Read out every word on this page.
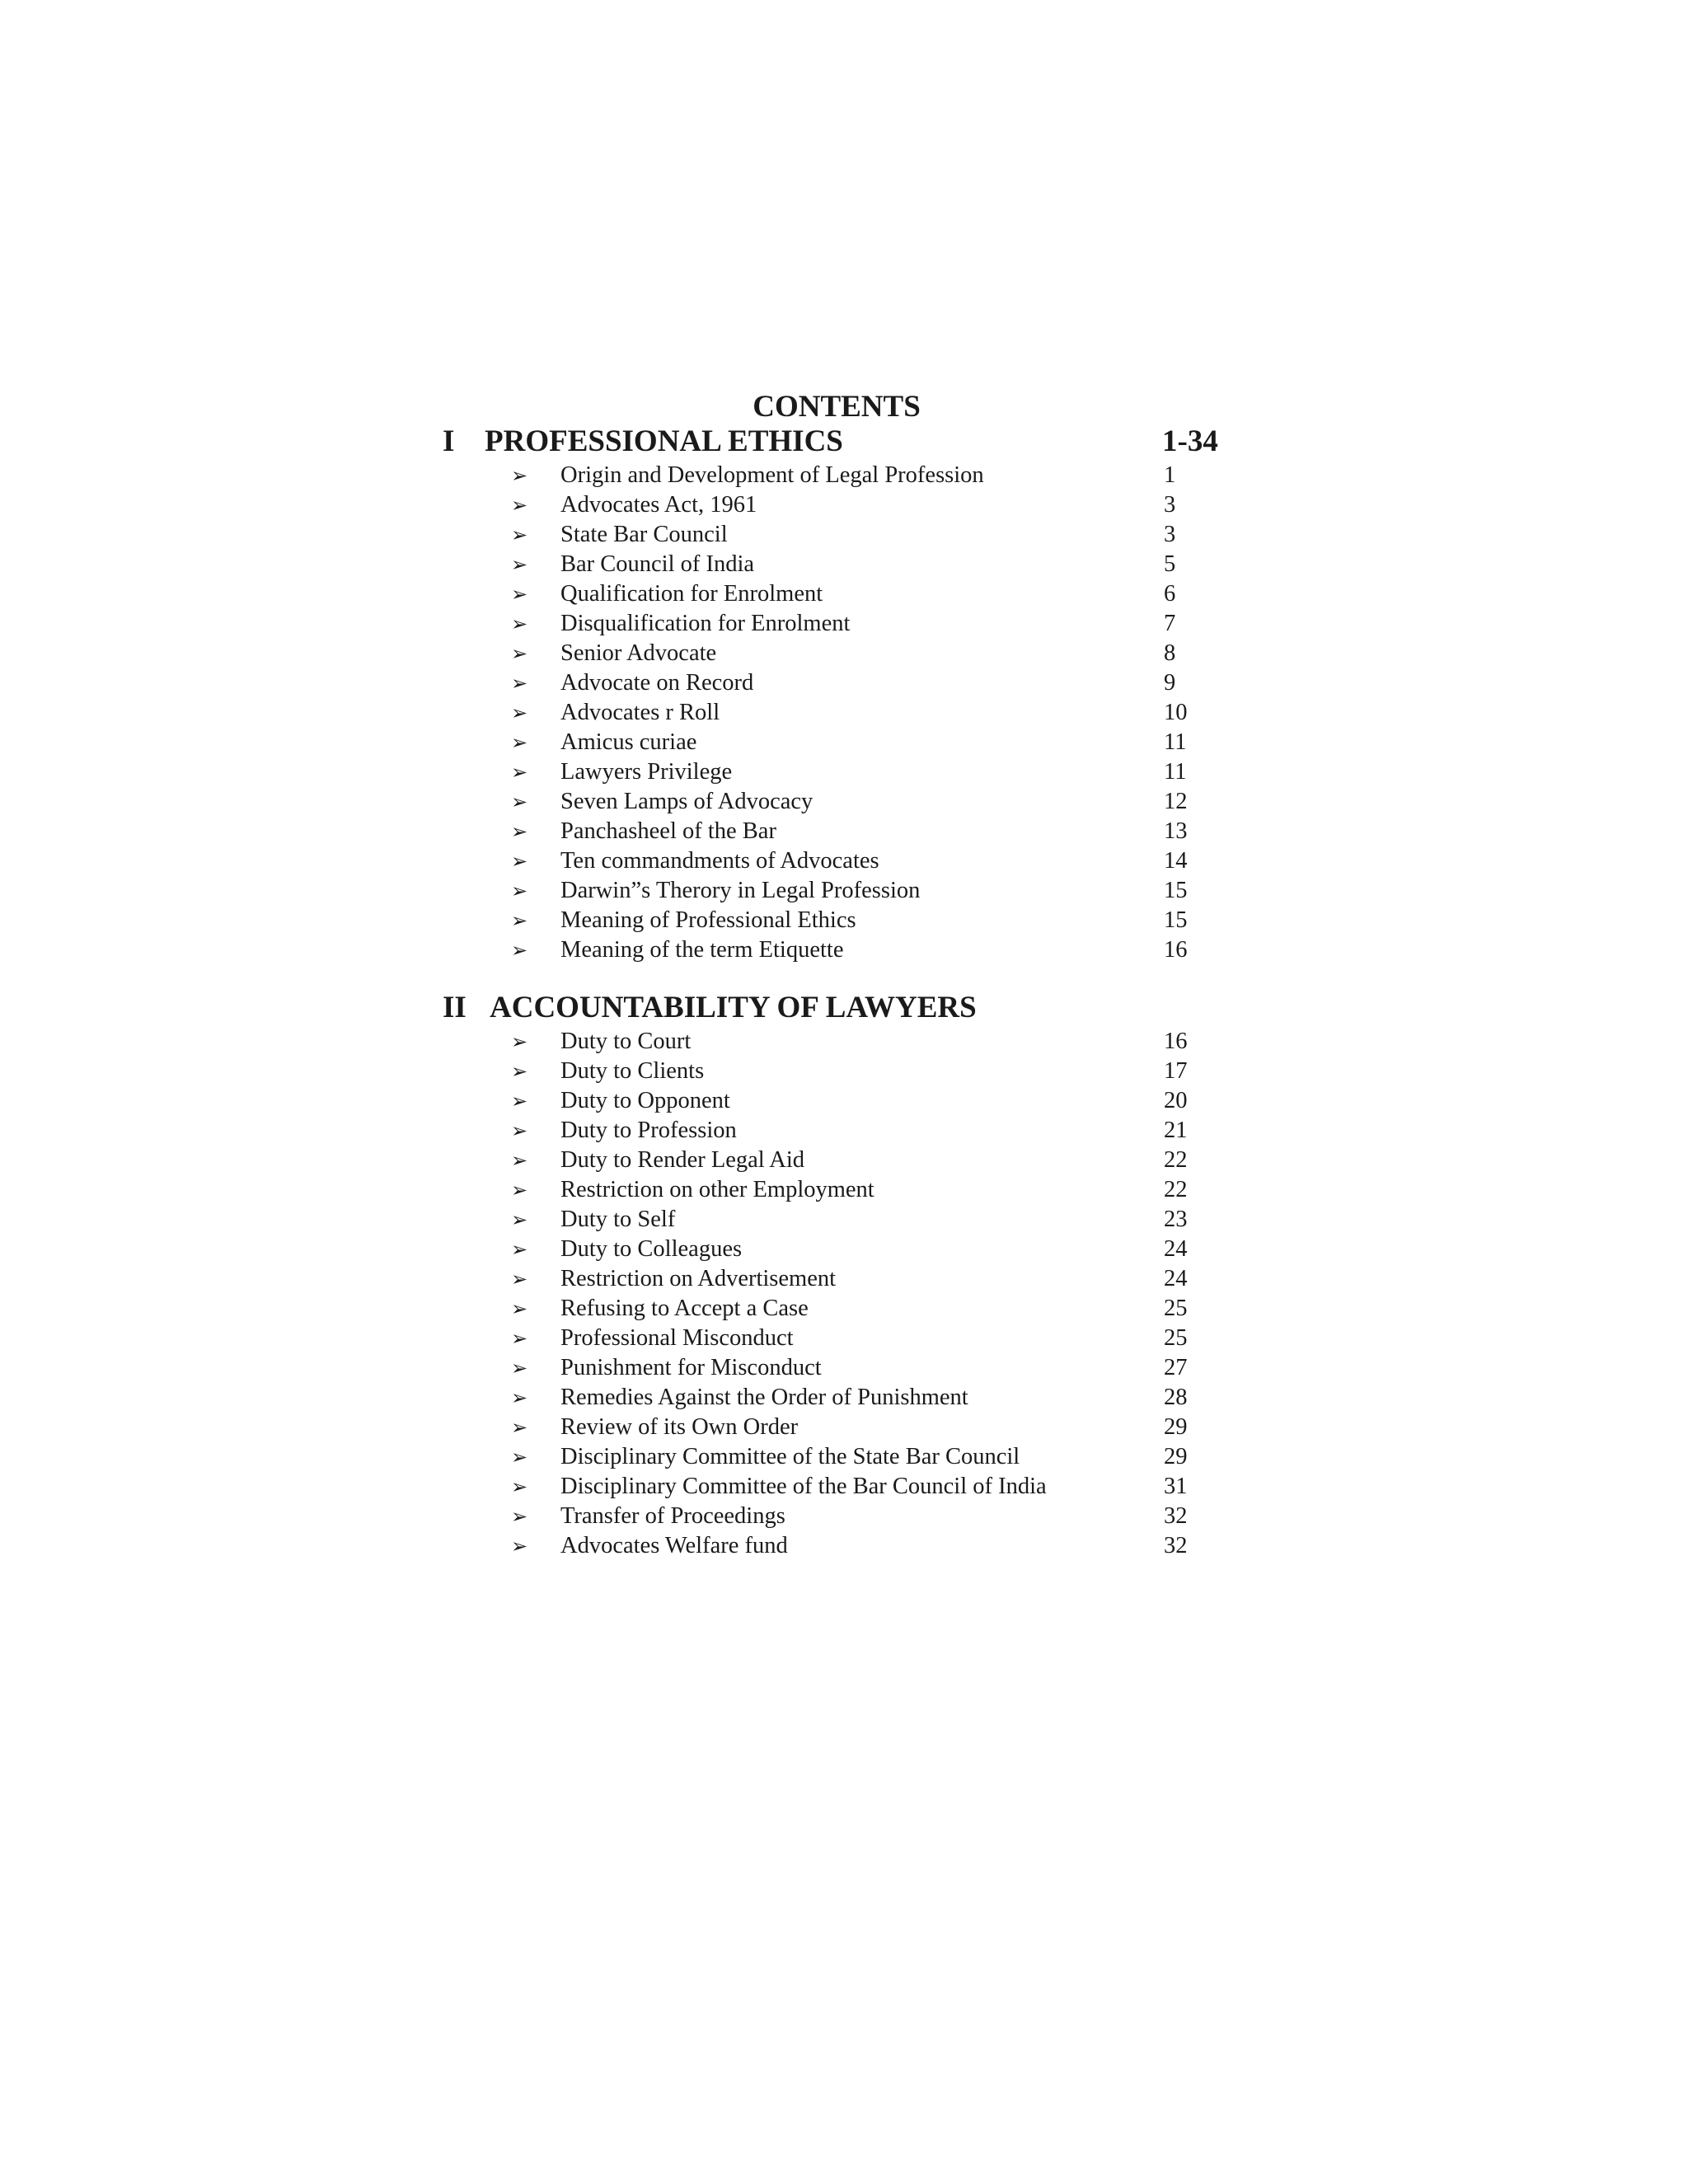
CONTENTS
I PROFESSIONAL ETHICS	1-34
➢ Origin and Development of Legal Profession	1
➢ Advocates Act, 1961	3
➢ State Bar Council	3
➢ Bar Council of India	5
➢ Qualification for Enrolment	6
➢ Disqualification for Enrolment	7
➢ Senior Advocate	8
➢ Advocate on Record	9
➢ Advocates r Roll	10
➢ Amicus curiae	11
➢ Lawyers Privilege	11
➢ Seven Lamps of Advocacy	12
➢ Panchasheel of the Bar	13
➢ Ten commandments of Advocates	14
➢ Darwin”s Therory in Legal Profession	15
➢ Meaning of Professional Ethics	15
➢ Meaning of the term Etiquette	16
II ACCOUNTABILITY OF LAWYERS
➢ Duty to Court	16
➢ Duty to Clients	17
➢ Duty to Opponent	20
➢ Duty to Profession	21
➢ Duty to Render Legal Aid	22
➢ Restriction on other Employment	22
➢ Duty to Self	23
➢ Duty to Colleagues	24
➢ Restriction on Advertisement	24
➢ Refusing to Accept a Case	25
➢ Professional Misconduct	25
➢ Punishment for Misconduct	27
➢ Remedies Against the Order of Punishment	28
➢ Review of its Own Order	29
➢ Disciplinary Committee of the State Bar Council	29
➢ Disciplinary Committee of the Bar Council of India	31
➢ Transfer of Proceedings	32
➢ Advocates Welfare fund	32
